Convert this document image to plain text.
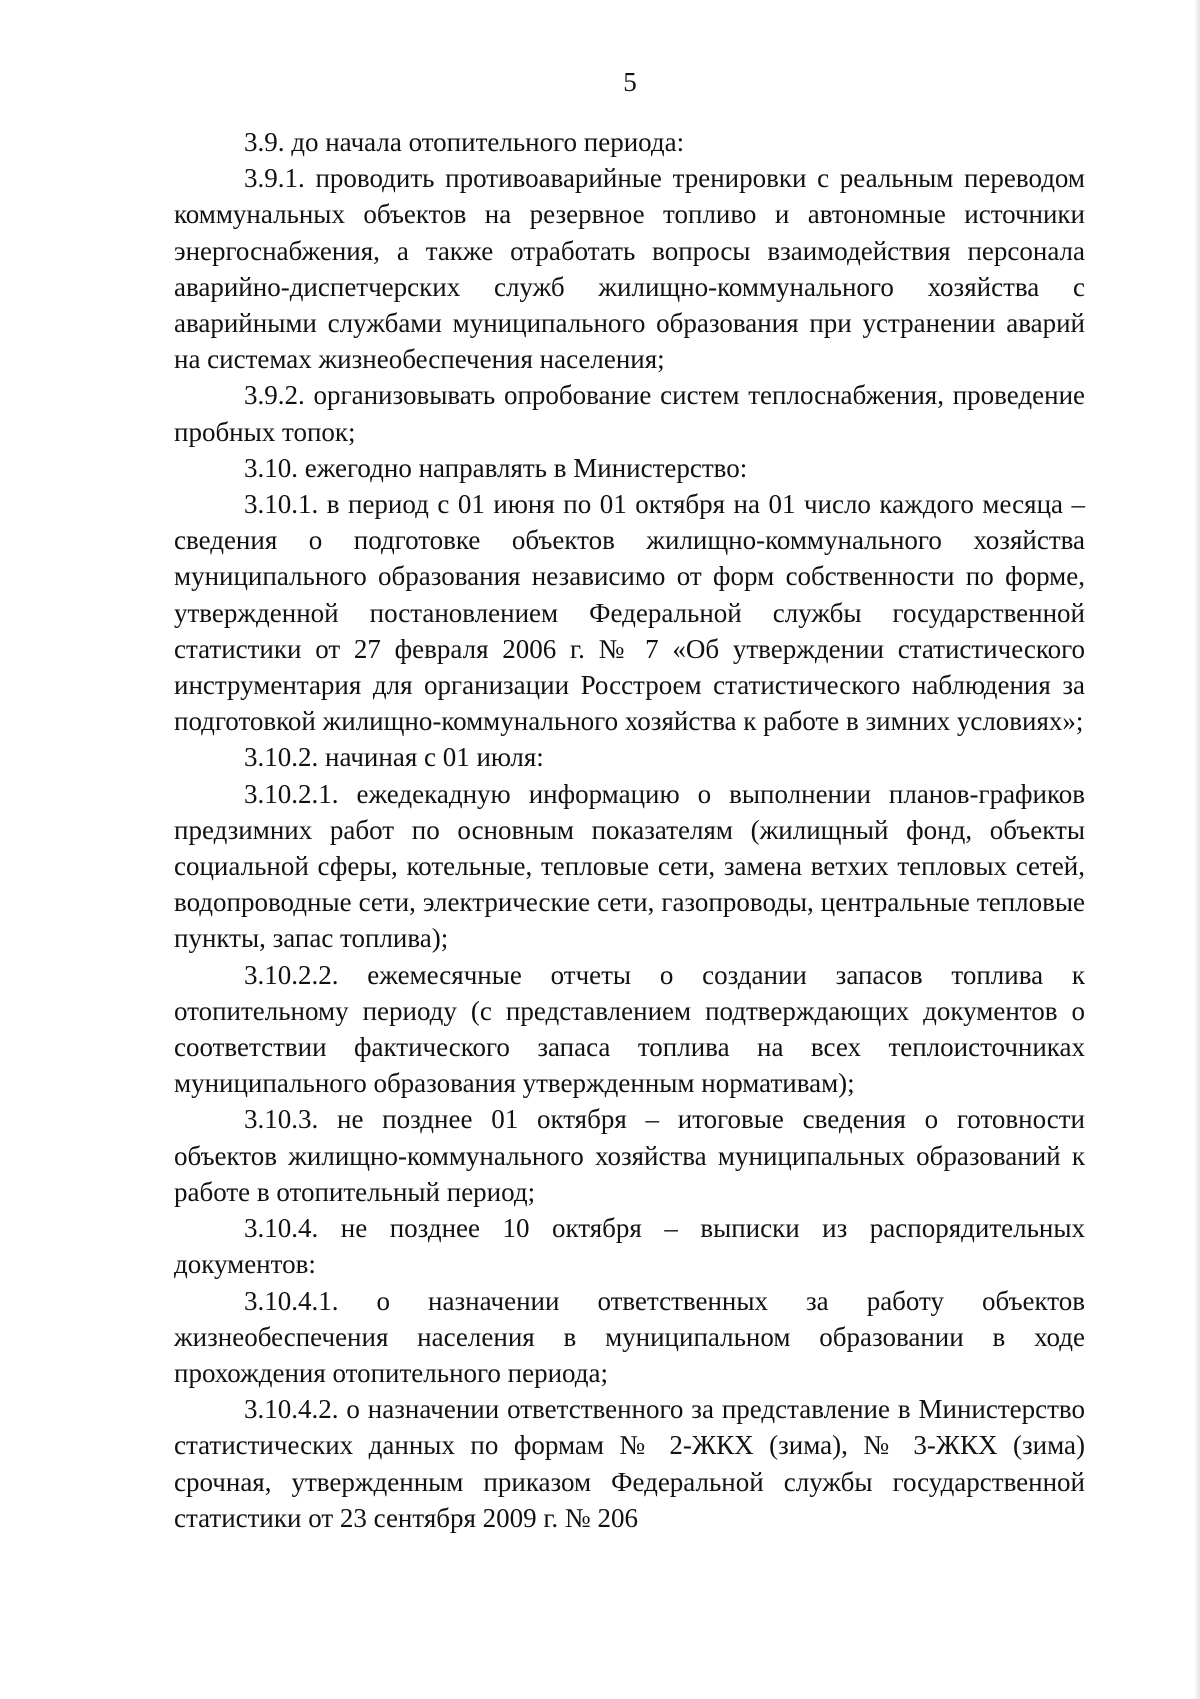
5

3.9. до начала отопительного периода:

3.9.1. проводить противоаварийные тренировки с реальным переводом коммунальных объектов на резервное топливо и автономные источники энергоснабжения, а также отработать вопросы взаимодействия персонала аварийно-диспетчерских служб жилищно-коммунального хозяйства с аварийными службами муниципального образования при устранении аварий на системах жизнеобеспечения населения;

3.9.2. организовывать опробование систем теплоснабжения, проведение пробных топок;

3.10. ежегодно направлять в Министерство:

3.10.1. в период с 01 июня по 01 октября на 01 число каждого месяца – сведения о подготовке объектов жилищно-коммунального хозяйства муниципального образования независимо от форм собственности по форме, утвержденной постановлением Федеральной службы государственной статистики от 27 февраля 2006 г. № 7 «Об утверждении статистического инструментария для организации Росстроем статистического наблюдения за подготовкой жилищно-коммунального хозяйства к работе в зимних условиях»;

3.10.2. начиная с 01 июля:

3.10.2.1. ежедекадную информацию о выполнении планов-графиков предзимних работ по основным показателям (жилищный фонд, объекты социальной сферы, котельные, тепловые сети, замена ветхих тепловых сетей, водопроводные сети, электрические сети, газопроводы, центральные тепловые пункты, запас топлива);

3.10.2.2. ежемесячные отчеты о создании запасов топлива к отопительному периоду (с представлением подтверждающих документов о соответствии фактического запаса топлива на всех теплоисточниках муниципального образования утвержденным нормативам);

3.10.3. не позднее 01 октября – итоговые сведения о готовности объектов жилищно-коммунального хозяйства муниципальных образований к работе в отопительный период;

3.10.4. не позднее 10 октября – выписки из распорядительных документов:

3.10.4.1. о назначении ответственных за работу объектов жизнеобеспечения населения в муниципальном образовании в ходе прохождения отопительного периода;

3.10.4.2. о назначении ответственного за представление в Министерство статистических данных по формам № 2-ЖКХ (зима), № 3-ЖКХ (зима) срочная, утвержденным приказом Федеральной службы государственной статистики от 23 сентября 2009 г. № 206
